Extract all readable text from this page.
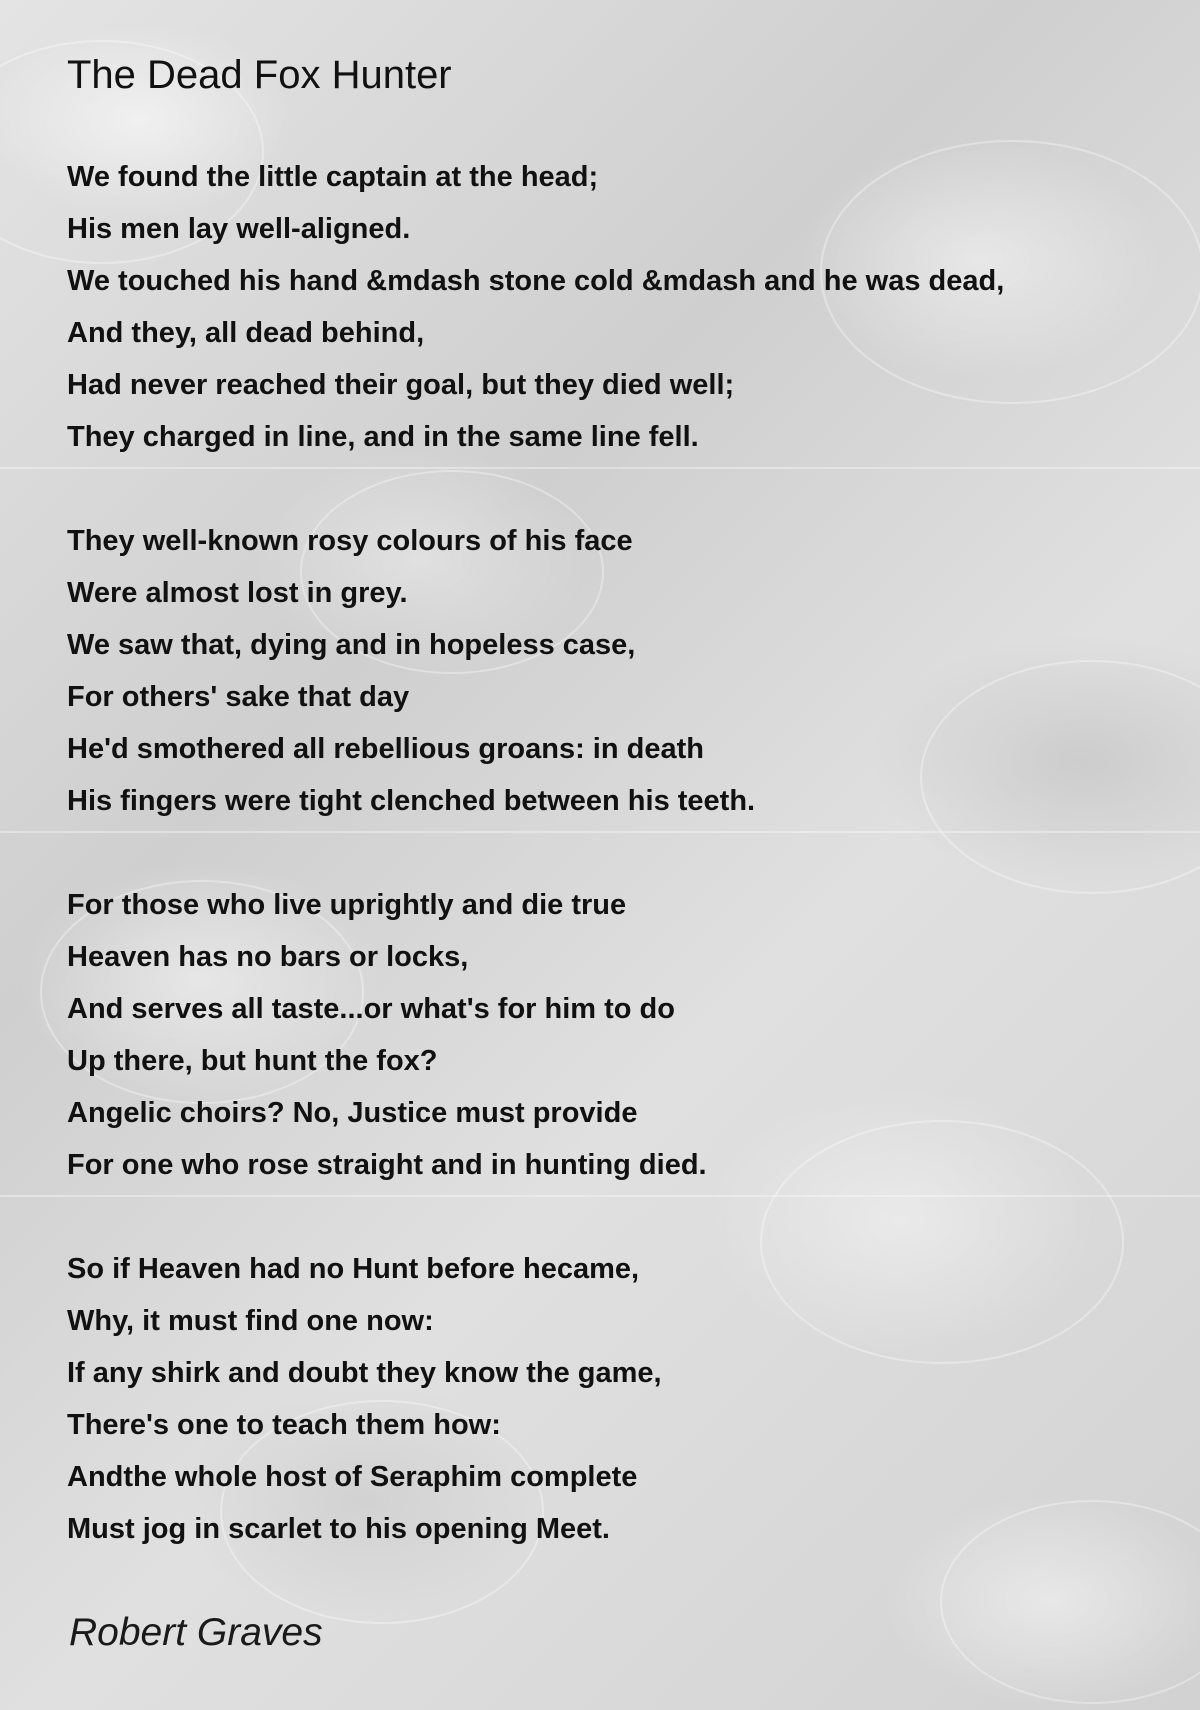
The Dead Fox Hunter
We found the little captain at the head;
His men lay well-aligned.
We touched his hand &mdash stone cold &mdash and he was dead,
And they, all dead behind,
Had never reached their goal, but they died well;
They charged in line, and in the same line fell.
They well-known rosy colours of his face
Were almost lost in grey.
We saw that, dying and in hopeless case,
For others' sake that day
He'd smothered all rebellious groans: in death
His fingers were tight clenched between his teeth.
For those who live uprightly and die true
Heaven has no bars or locks,
And serves all taste...or what's for him to do
Up there, but hunt the fox?
Angelic choirs? No, Justice must provide
For one who rose straight and in hunting died.
So if Heaven had no Hunt before hecame,
Why, it must find one now:
If any shirk and doubt they know the game,
There's one to teach them how:
Andthe whole host of Seraphim complete
Must jog in scarlet to his opening Meet.

Robert Graves
